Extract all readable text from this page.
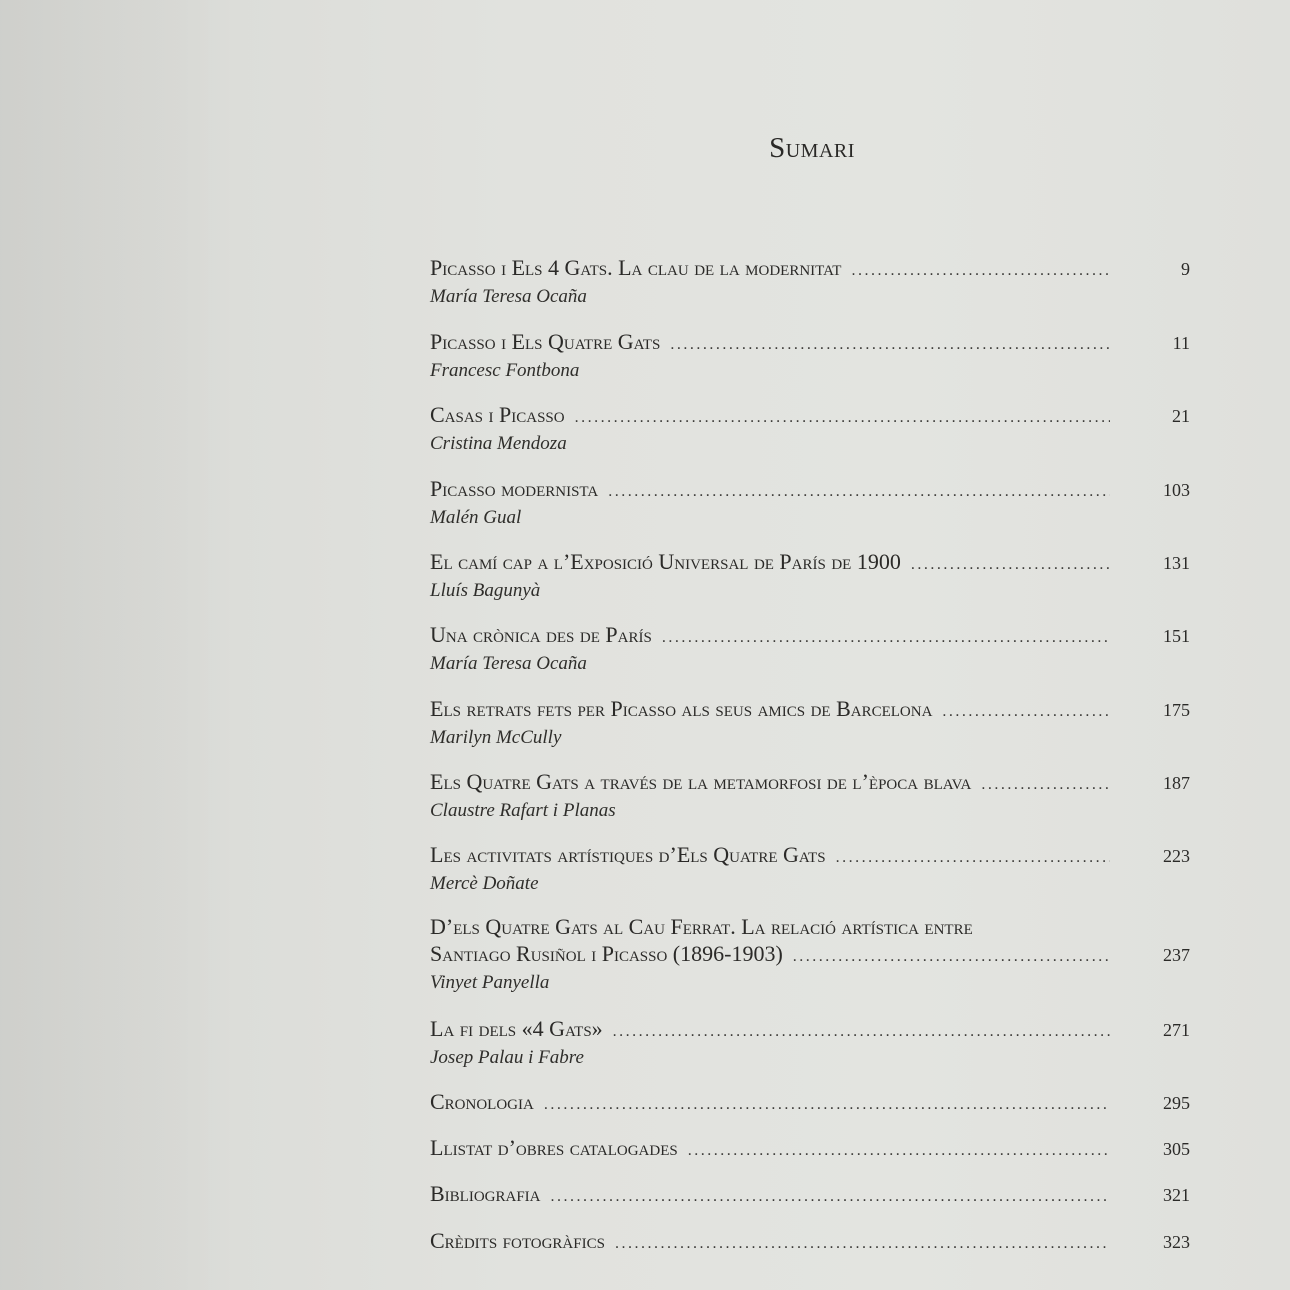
Sumari
Picasso i Els 4 Gats. La clau de la modernitat . . .	9
María Teresa Ocaña
Picasso i Els Quatre Gats . . .	11
Francesc Fontbona
Casas i Picasso . . .	21
Cristina Mendoza
Picasso modernista . . .	103
Malén Gual
El camí cap a l’Exposició Universal de París de 1900 . . .	131
Lluís Bagunyà
Una crònica des de París . . .	151
María Teresa Ocaña
Els retrats fets per Picasso als seus amics de Barcelona . . .	175
Marilyn McCully
Els Quatre Gats a través de la metamorfosi de l’època blava . . .	187
Claustre Rafart i Planas
Les activitats artístiques d’Els Quatre Gats . . .	223
Mercè Doñate
D’els Quatre Gats al Cau Ferrat. La relació artística entre
Santiago Rusiñol i Picasso (1896-1903) . . .	237
Vinyet Panyella
La fi dels «4 Gats» . . .	271
Josep Palau i Fabre
Cronologia . . .	295
Llistat d’obres catalogades . . .	305
Bibliografia . . .	321
Crèdits fotogràfics . . .	323
